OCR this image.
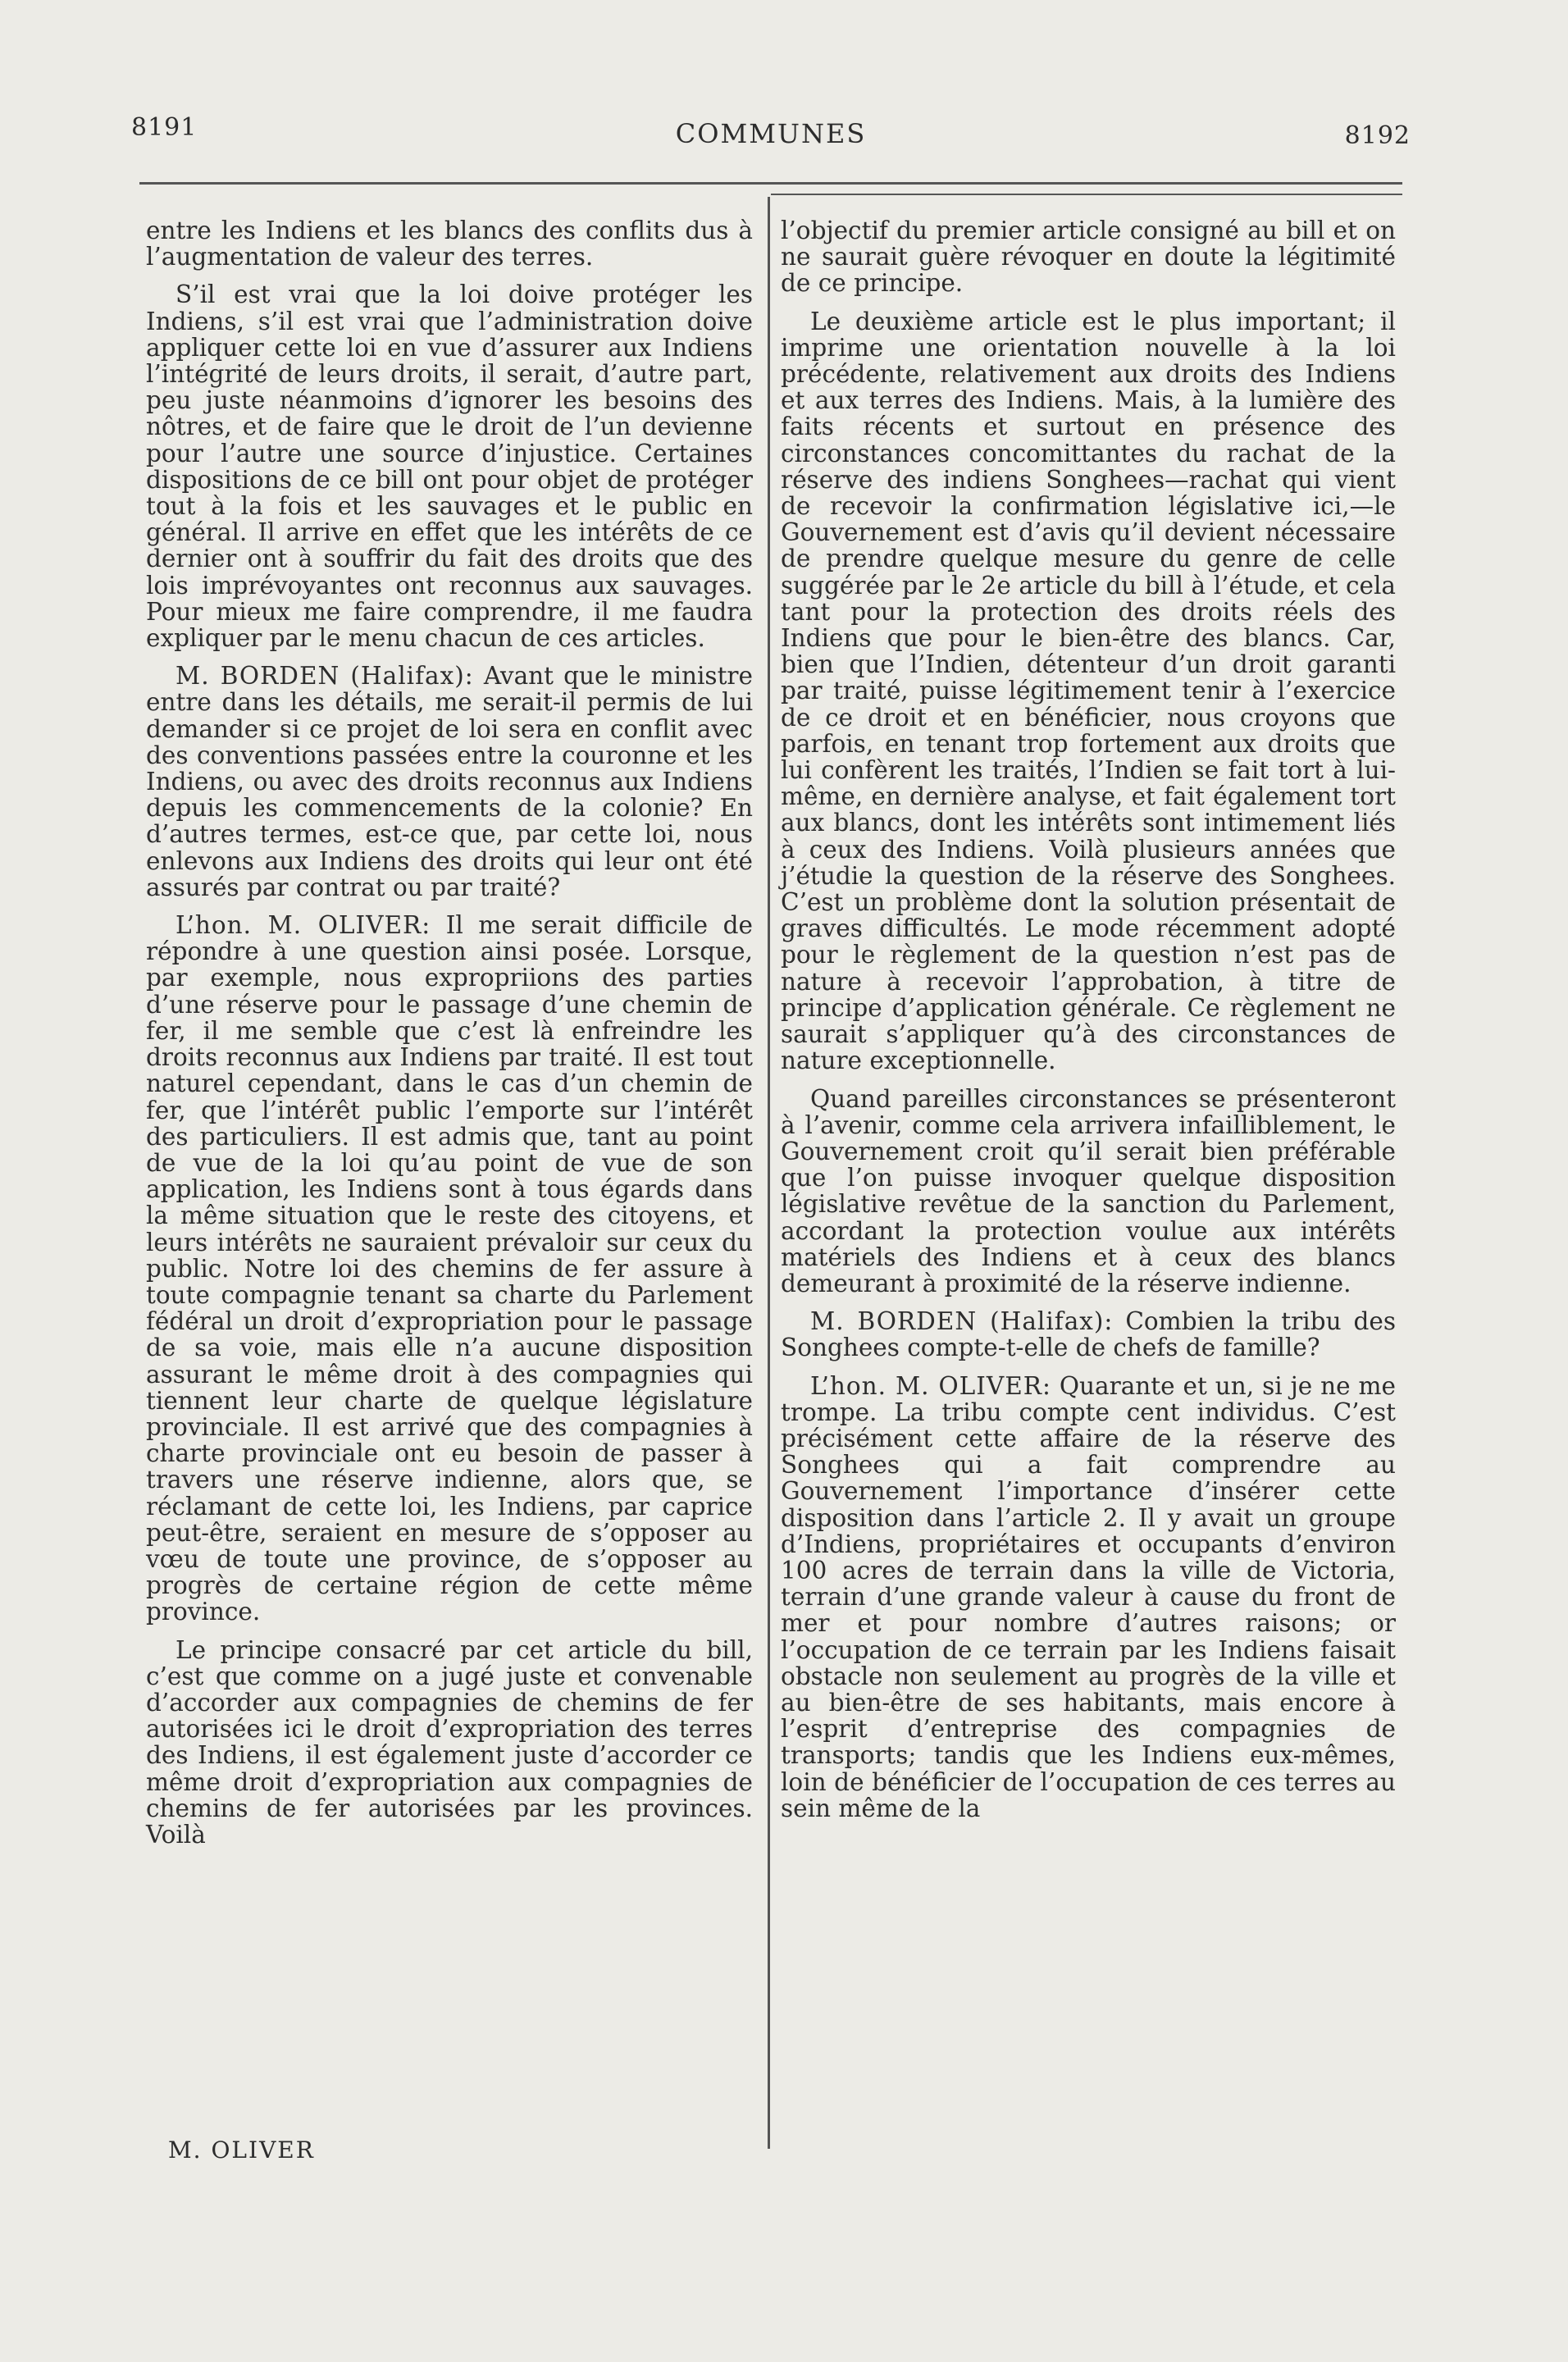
8191	COMMUNES	8192

entre les Indiens et les blancs des conflits dus à l’augmentation de valeur des terres.

S’il est vrai que la loi doive protéger les Indiens, s’il est vrai que l’administration doive appliquer cette loi en vue d’assurer aux Indiens l’intégrité de leurs droits, il serait, d’autre part, peu juste néanmoins d’ignorer les besoins des nôtres, et de faire que le droit de l’un devienne pour l’autre une source d’injustice. Certaines dispositions de ce bill ont pour objet de protéger tout à la fois et les sauvages et le public en général. Il arrive en effet que les intérêts de ce dernier ont à souffrir du fait des droits que des lois imprévoyantes ont reconnus aux sauvages. Pour mieux me faire comprendre, il me faudra expliquer par le menu chacun de ces articles.

M. BORDEN (Halifax): Avant que le ministre entre dans les détails, me serait-il permis de lui demander si ce projet de loi sera en conflit avec des conventions passées entre la couronne et les Indiens, ou avec des droits reconnus aux Indiens depuis les commencements de la colonie? En d’autres termes, est-ce que, par cette loi, nous enlevons aux Indiens des droits qui leur ont été assurés par contrat ou par traité?

L’hon. M. OLIVER: Il me serait difficile de répondre à une question ainsi posée. Lorsque, par exemple, nous expropriions des parties d’une réserve pour le passage d’une chemin de fer, il me semble que c’est là enfreindre les droits reconnus aux Indiens par traité. Il est tout naturel cependant, dans le cas d’un chemin de fer, que l’intérêt public l’emporte sur l’intérêt des particuliers. Il est admis que, tant au point de vue de la loi qu’au point de vue de son application, les Indiens sont à tous égards dans la même situation que le reste des citoyens, et leurs intérêts ne sauraient prévaloir sur ceux du public. Notre loi des chemins de fer assure à toute compagnie tenant sa charte du Parlement fédéral un droit d’expropriation pour le passage de sa voie, mais elle n’a aucune disposition assurant le même droit à des compagnies qui tiennent leur charte de quelque législature provinciale. Il est arrivé que des compagnies à charte provinciale ont eu besoin de passer à travers une réserve indienne, alors que, se réclamant de cette loi, les Indiens, par caprice peut-être, seraient en mesure de s’opposer au vœu de toute une province, de s’opposer au progrès de certaine région de cette même province.

Le principe consacré par cet article du bill, c’est que comme on a jugé juste et convenable d’accorder aux compagnies de chemins de fer autorisées ici le droit d’expropriation des terres des Indiens, il est également juste d’accorder ce même droit d’expropriation aux compagnies de chemins de fer autorisées par les provinces. Voilà

l’objectif du premier article consigné au bill et on ne saurait guère révoquer en doute la légitimité de ce principe.

Le deuxième article est le plus important; il imprime une orientation nouvelle à la loi précédente, relativement aux droits des Indiens et aux terres des Indiens. Mais, à la lumière des faits récents et surtout en présence des circonstances concomittantes du rachat de la réserve des indiens Songhees—rachat qui vient de recevoir la confirmation législative ici,—le Gouvernement est d’avis qu’il devient nécessaire de prendre quelque mesure du genre de celle suggérée par le 2e article du bill à l’étude, et cela tant pour la protection des droits réels des Indiens que pour le bien-être des blancs. Car, bien que l’Indien, détenteur d’un droit garanti par traité, puisse légitimement tenir à l’exercice de ce droit et en bénéficier, nous croyons que parfois, en tenant trop fortement aux droits que lui confèrent les traités, l’Indien se fait tort à lui-même, en dernière analyse, et fait également tort aux blancs, dont les intérêts sont intimement liés à ceux des Indiens. Voilà plusieurs années que j’étudie la question de la réserve des Songhees. C’est un problème dont la solution présentait de graves difficultés. Le mode récemment adopté pour le règlement de la question n’est pas de nature à recevoir l’approbation, à titre de principe d’application générale. Ce règlement ne saurait s’appliquer qu’à des circonstances de nature exceptionnelle.

Quand pareilles circonstances se présenteront à l’avenir, comme cela arrivera infailliblement, le Gouvernement croit qu’il serait bien préférable que l’on puisse invoquer quelque disposition législative revêtue de la sanction du Parlement, accordant la protection voulue aux intérêts matériels des Indiens et à ceux des blancs demeurant à proximité de la réserve indienne.

M. BORDEN (Halifax): Combien la tribu des Songhees compte-t-elle de chefs de famille?

L’hon. M. OLIVER: Quarante et un, si je ne me trompe. La tribu compte cent individus. C’est précisément cette affaire de la réserve des Songhees qui a fait comprendre au Gouvernement l’importance d’insérer cette disposition dans l’article 2. Il y avait un groupe d’Indiens, propriétaires et occupants d’environ 100 acres de terrain dans la ville de Victoria, terrain d’une grande valeur à cause du front de mer et pour nombre d’autres raisons; or l’occupation de ce terrain par les Indiens faisait obstacle non seulement au progrès de la ville et au bien-être de ses habitants, mais encore à l’esprit d’entreprise des compagnies de transports; tandis que les Indiens eux-mêmes, loin de bénéficier de l’occupation de ces terres au sein même de la

M. OLIVER
